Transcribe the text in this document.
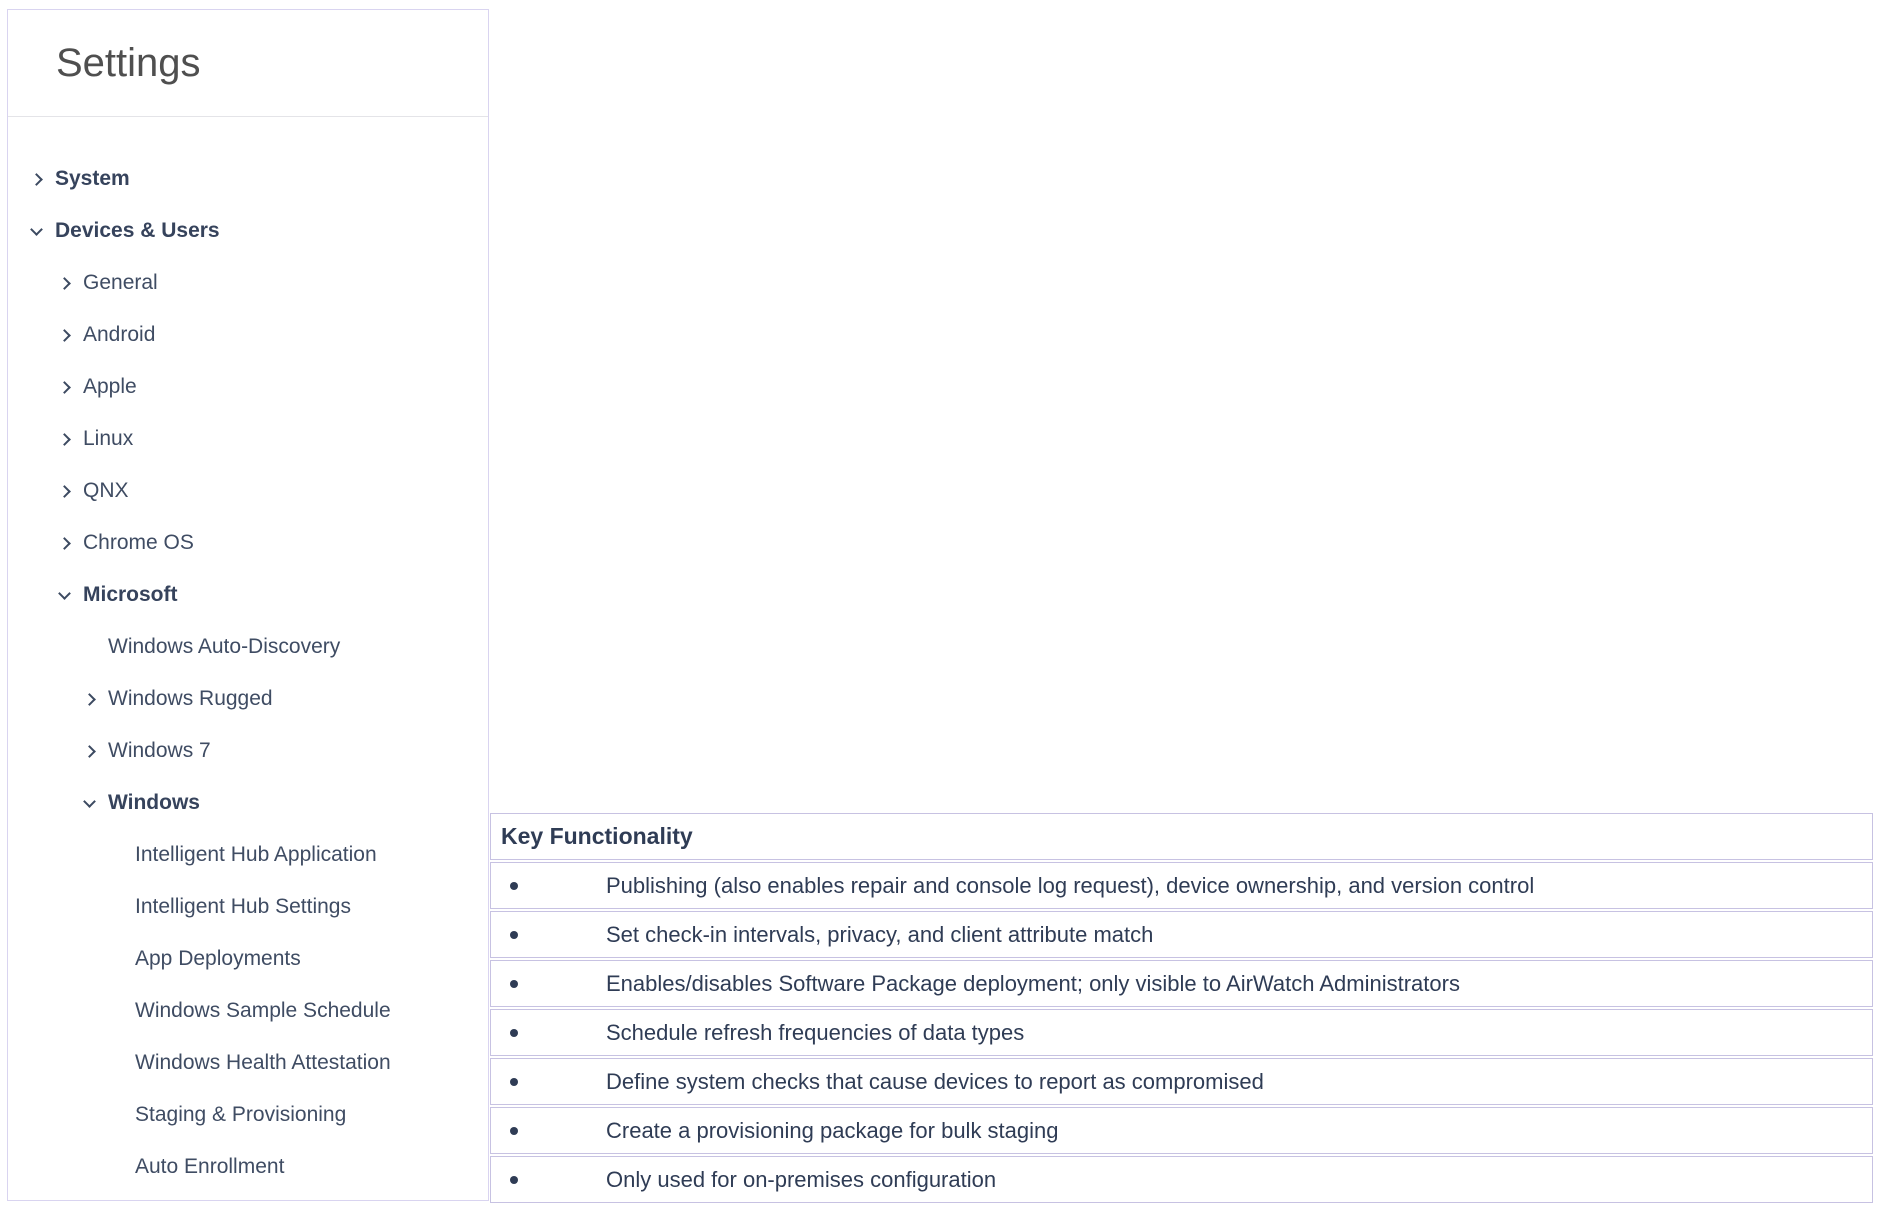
Settings
System
Devices & Users
General
Android
Apple
Linux
QNX
Chrome OS
Microsoft
Windows Auto-Discovery
Windows Rugged
Windows 7
Windows
Intelligent Hub Application
Intelligent Hub Settings
App Deployments
Windows Sample Schedule
Windows Health Attestation
Staging & Provisioning
Auto Enrollment
Key Functionality
Publishing (also enables repair and console log request), device ownership, and version control
Set check-in intervals, privacy, and client attribute match
Enables/disables Software Package deployment; only visible to AirWatch Administrators
Schedule refresh frequencies of data types
Define system checks that cause devices to report as compromised
Create a provisioning package for bulk staging
Only used for on-premises configuration
